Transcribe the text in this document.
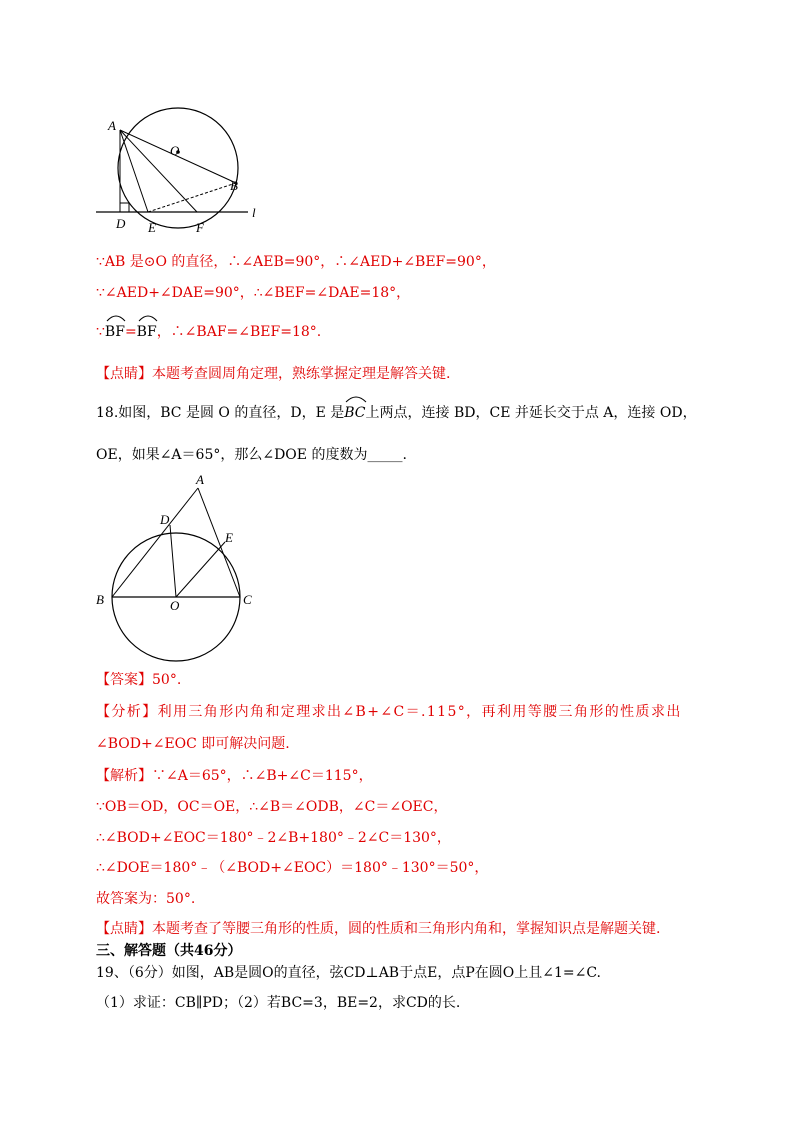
A
O
B
D E	F
l
∵AB 是⊙O 的直径，∴∠AEB=90°，∴∠AED+∠BEF=90°，
∵∠AED+∠DAE=90°，∴∠BEF=∠DAE=18°，
∵
BF=
BF，∴∠BAF=∠BEF=18°.
【点睛】本题考查圆周角定理，熟练掌握定理是解答关键.
18.如图，BC 是圆 O 的直径，D，E 是
BC上两点，连接 BD，CE 并延长交于点 A，连接 OD，
OE，如果∠A＝65°，那么∠DOE 的度数为_____.
A
D
E
B	O	C
【答案】50°.
【分析】利用三角形内角和定理求出∠B+∠C＝.115°，再利用等腰三角形的性质求出
∠BOD+∠EOC 即可解决问题.
【解析】∵∠A＝65°，∴∠B+∠C＝115°，
∵OB＝OD，OC＝OE，∴∠B＝∠ODB，∠C＝∠OEC，
∴∠BOD+∠EOC＝180°﹣2∠B+180°﹣2∠C＝130°，
∴∠DOE＝180°﹣（∠BOD+∠EOC）＝180°﹣130°＝50°，
故答案为：50°.
【点睛】本题考查了等腰三角形的性质，圆的性质和三角形内角和，掌握知识点是解题关键.
三、解答题（共46分）
19、（6分）如图，AB是圆O的直径，弦CD⊥AB于点E，点P在圆O上且∠1=∠C.
（1）求证：CB∥PD；（2）若BC=3，BE=2，求CD的长.
